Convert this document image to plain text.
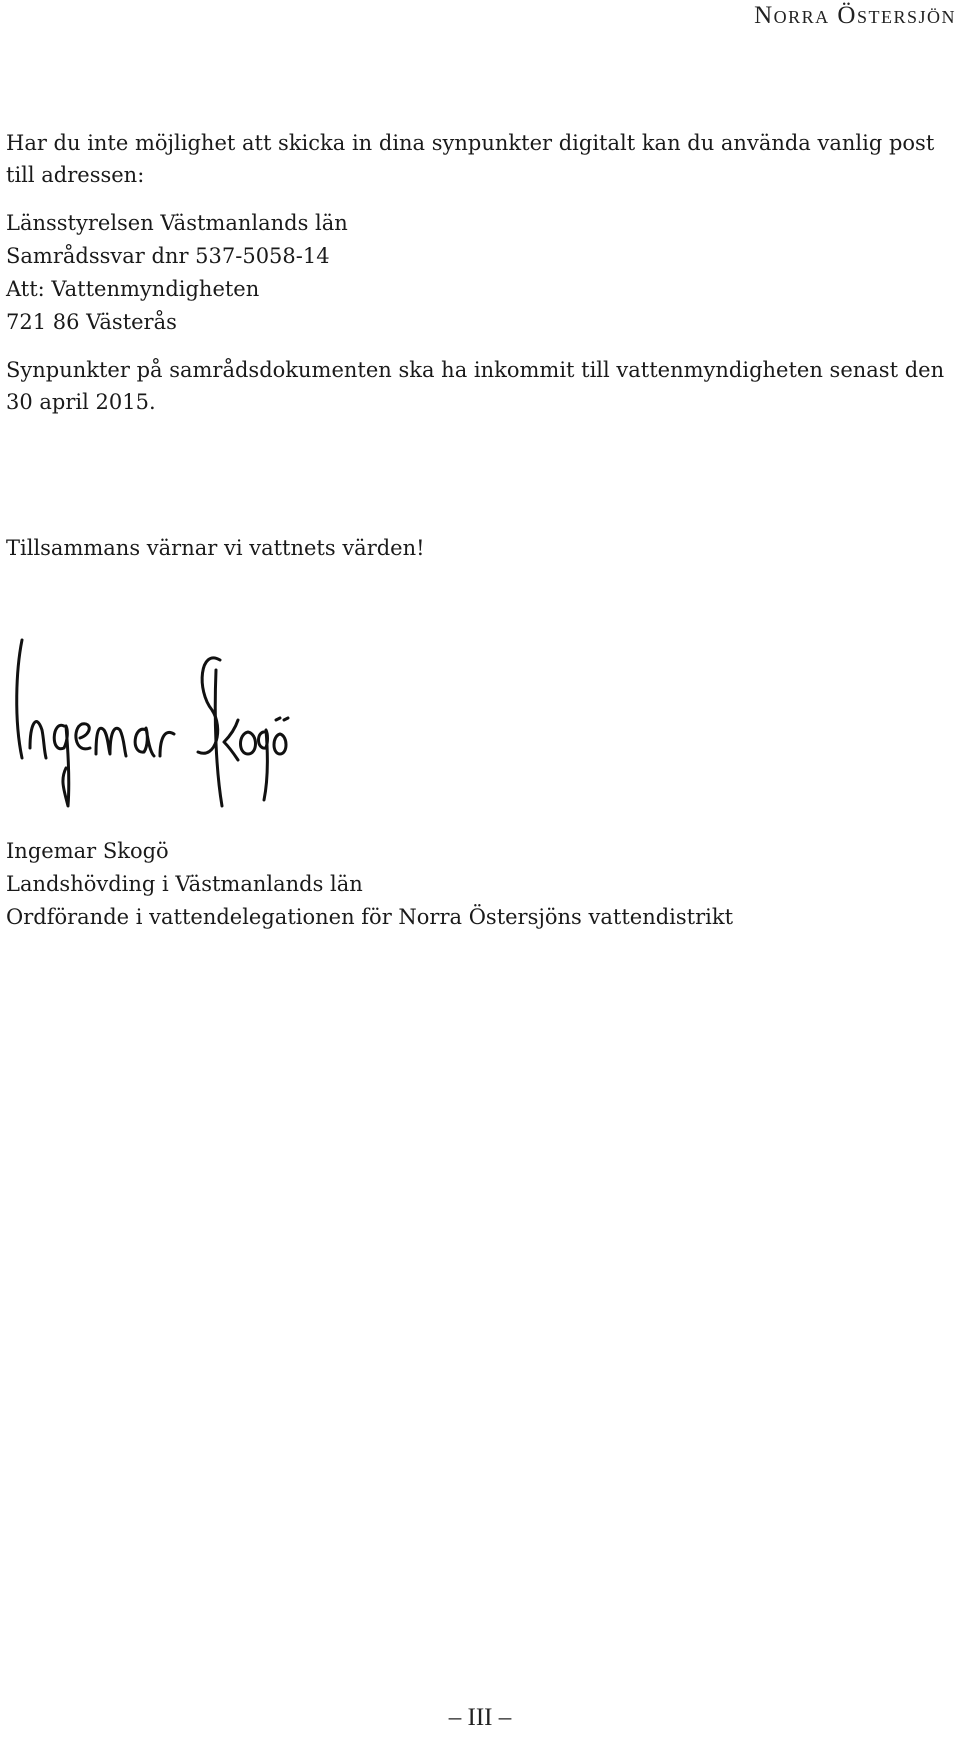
Norra Östersjön

Har du inte möjlighet att skicka in dina synpunkter digitalt kan du använda vanlig post till adressen:

Länsstyrelsen Västmanlands län
Samrådssvar dnr 537-5058-14
Att: Vattenmyndigheten
721 86 Västerås

Synpunkter på samrådsdokumenten ska ha inkommit till vattenmyndigheten senast den 30 april 2015.

Tillsammans värnar vi vattnets värden!

Ingemar Skogö
Landshövding i Västmanlands län
Ordförande i vattendelegationen för Norra Östersjöns vattendistrikt
– III –
